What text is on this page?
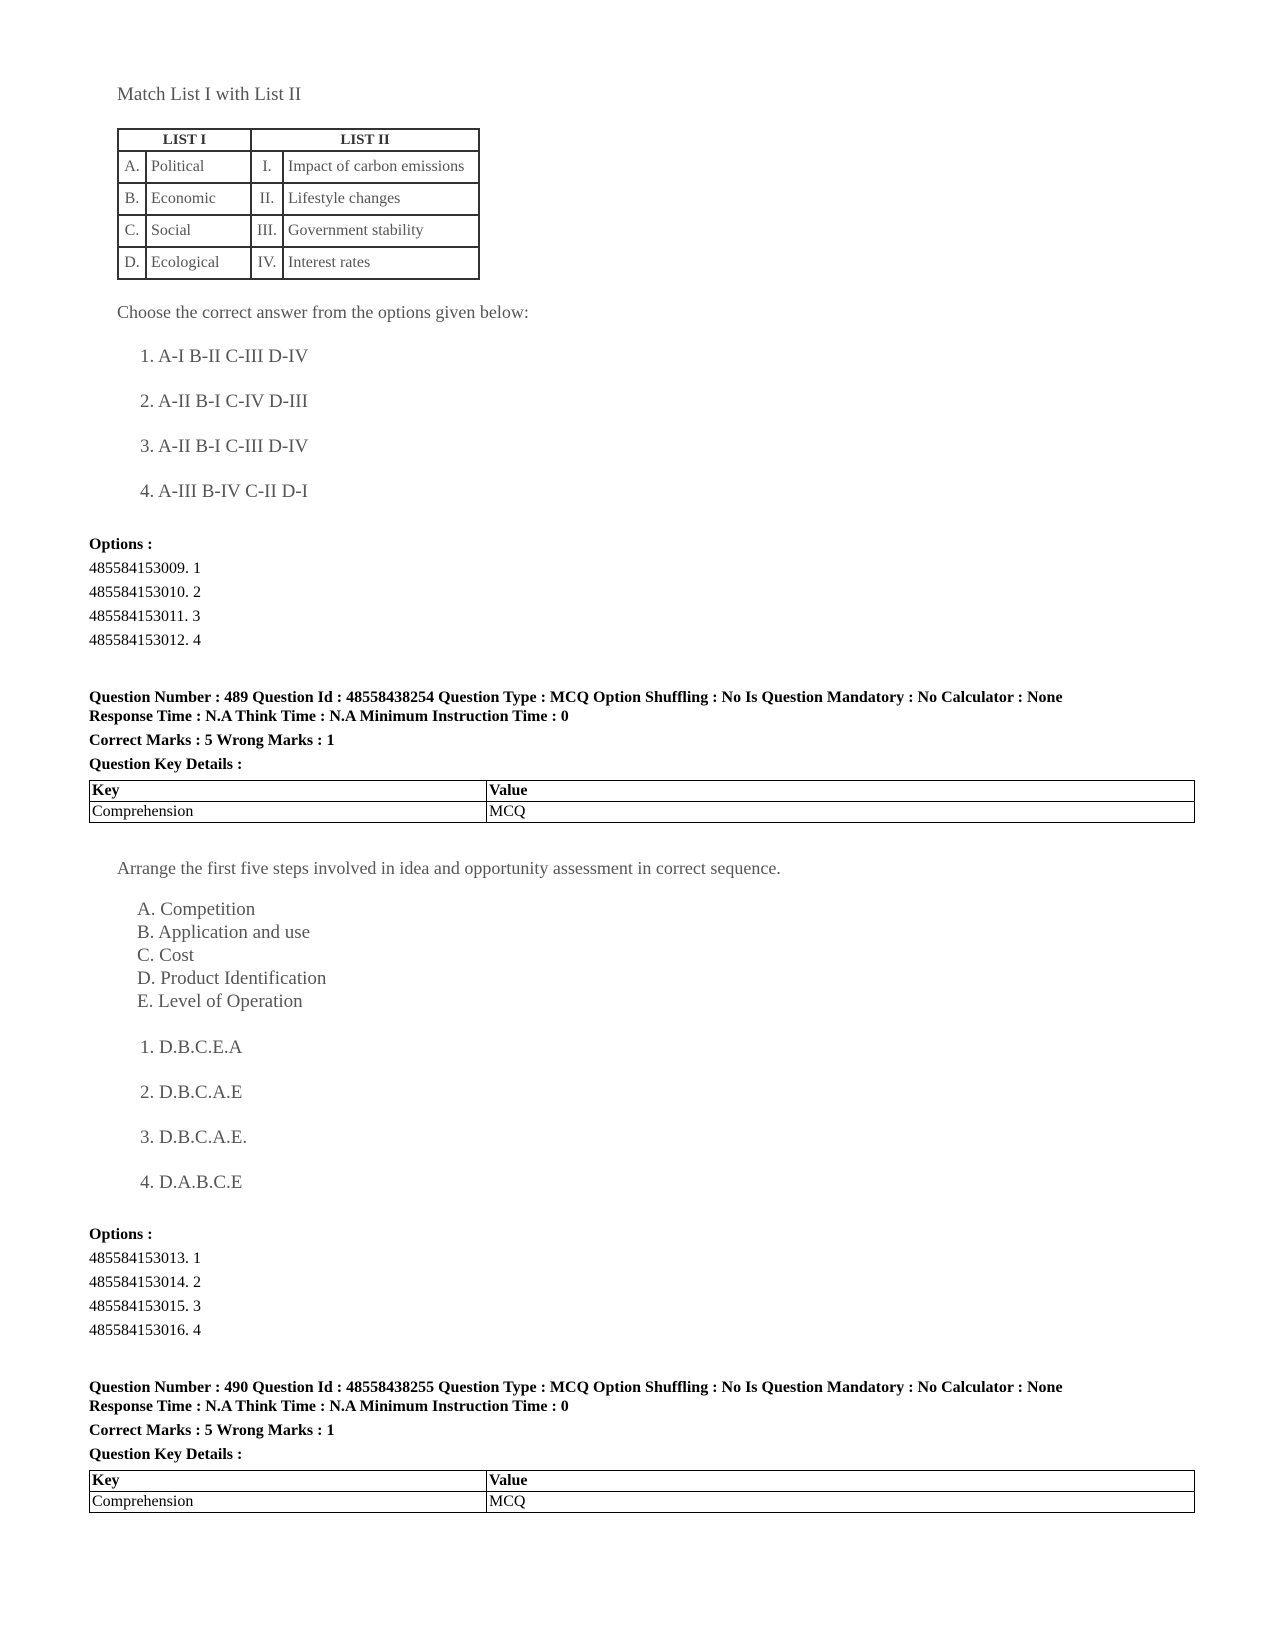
Match List I with List II
LIST I		LIST II	
A.	Political	I.	Impact of carbon emissions
B.	Economic	II.	Lifestyle changes
C.	Social	III.	Government stability
D.	Ecological	IV.	Interest rates
Choose the correct answer from the options given below:
1. A-I B-II C-III D-IV
2. A-II B-I C-IV D-III
3. A-II B-I C-III D-IV
4. A-III B-IV C-II D-I
Options :
485584153009. 1
485584153010. 2
485584153011. 3
485584153012. 4
Question Number : 489 Question Id : 48558438254 Question Type : MCQ Option Shuffling : No Is Question Mandatory : No Calculator : None
Response Time : N.A Think Time : N.A Minimum Instruction Time : 0
Correct Marks : 5 Wrong Marks : 1
Question Key Details :
Key	Value
Comprehension	MCQ
Arrange the first five steps involved in idea and opportunity assessment in correct sequence.
A. Competition
B. Application and use
C. Cost
D. Product Identification
E. Level of Operation
1. D.B.C.E.A
2. D.B.C.A.E
3. D.B.C.A.E.
4. D.A.B.C.E
Options :
485584153013. 1
485584153014. 2
485584153015. 3
485584153016. 4
Question Number : 490 Question Id : 48558438255 Question Type : MCQ Option Shuffling : No Is Question Mandatory : No Calculator : None
Response Time : N.A Think Time : N.A Minimum Instruction Time : 0
Correct Marks : 5 Wrong Marks : 1
Question Key Details :
Key	Value
Comprehension	MCQ
